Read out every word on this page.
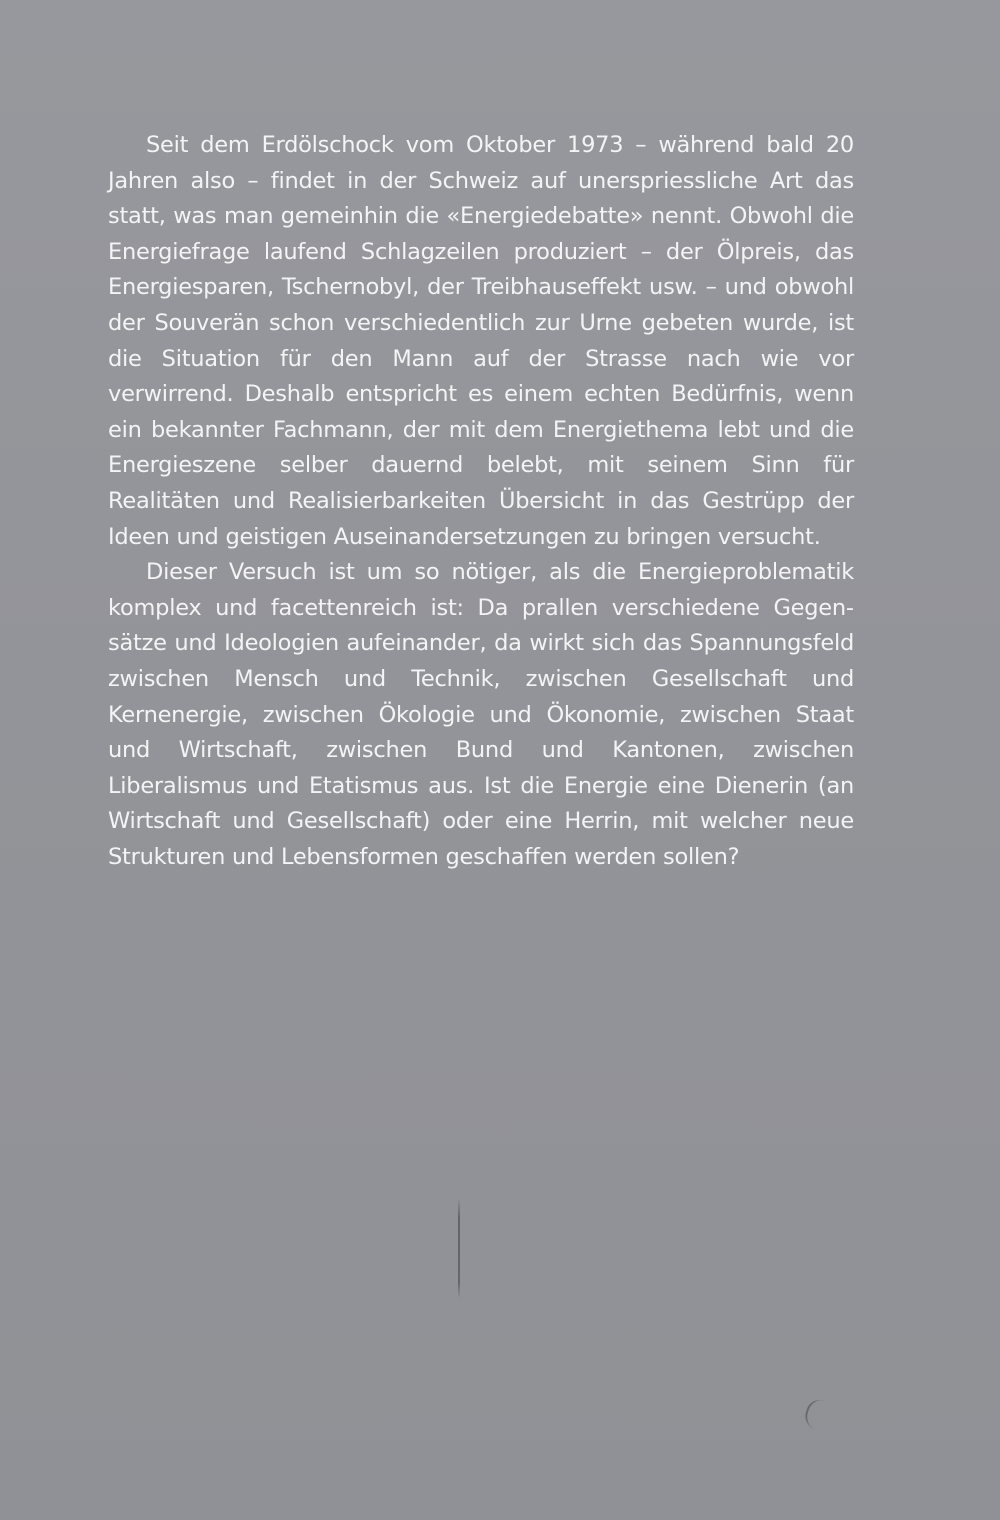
Seit dem Erdölschock vom Oktober 1973 – während bald 20 Jahren also – findet in der Schweiz auf unerspriessliche Art das statt, was man gemeinhin die «Energiedebatte» nennt. Obwohl die Energiefrage laufend Schlagzeilen produziert – der Ölpreis, das Energiesparen, Tschernobyl, der Treibhauseffekt usw. – und obwohl der Souverän schon verschiedentlich zur Urne gebeten wurde, ist die Situation für den Mann auf der Strasse nach wie vor verwirrend. Deshalb entspricht es einem echten Bedürfnis, wenn ein bekannter Fachmann, der mit dem Energiethema lebt und die Energieszene selber dauernd belebt, mit seinem Sinn für Realitäten und Realisierbarkeiten Übersicht in das Gestrüpp der Ideen und geistigen Auseinandersetzungen zu bringen versucht.

Dieser Versuch ist um so nötiger, als die Energieproblematik komplex und facettenreich ist: Da prallen verschiedene Gegensätze und Ideologien aufeinander, da wirkt sich das Spannungsfeld zwischen Mensch und Technik, zwischen Gesellschaft und Kernenergie, zwischen Ökologie und Ökonomie, zwischen Staat und Wirtschaft, zwischen Bund und Kantonen, zwischen Liberalismus und Etatismus aus. Ist die Energie eine Dienerin (an Wirtschaft und Gesellschaft) oder eine Herrin, mit welcher neue Strukturen und Lebensformen geschaffen werden sollen?
